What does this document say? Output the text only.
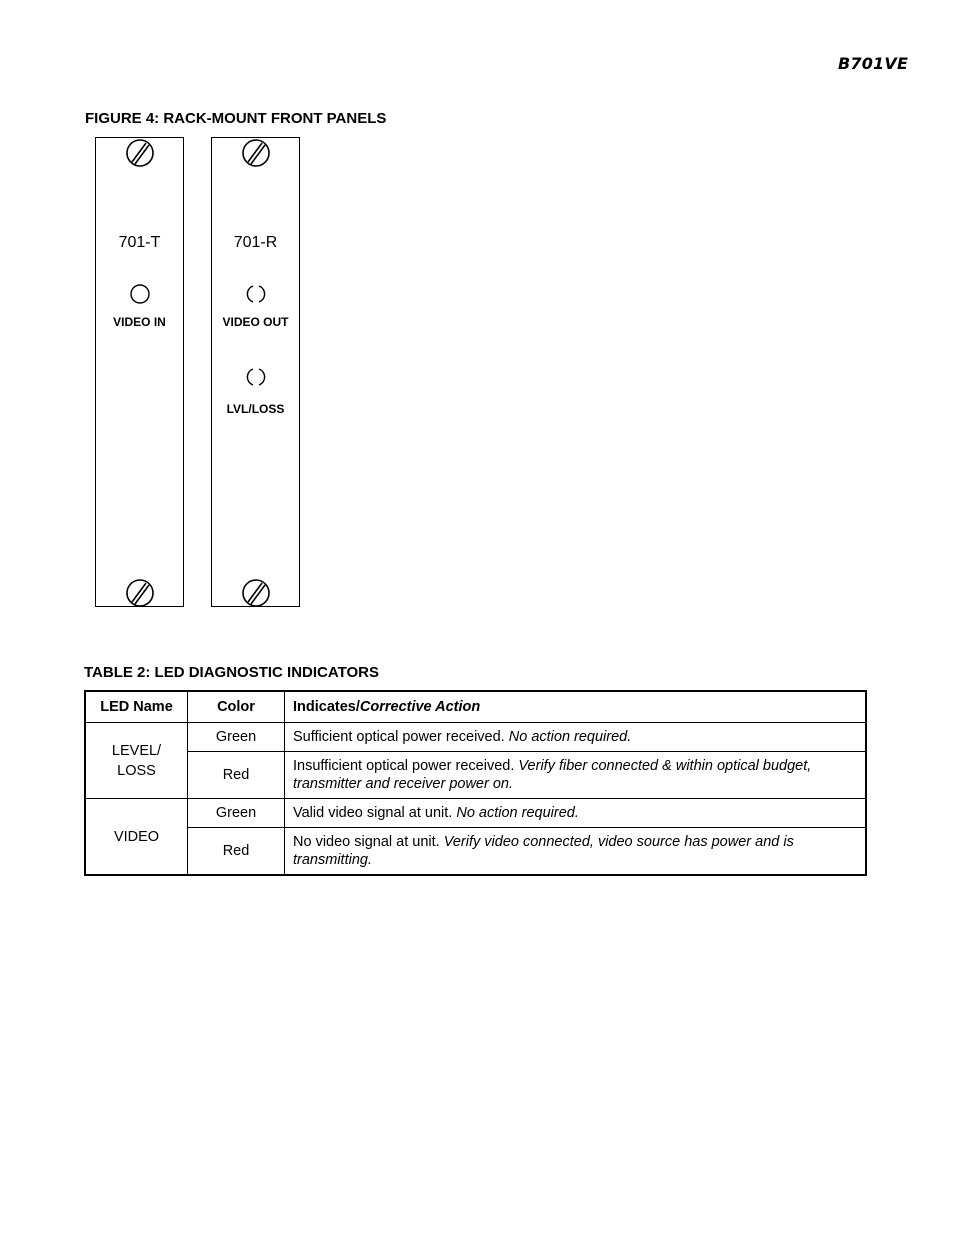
B701VE
FIGURE 4: RACK-MOUNT FRONT PANELS
701-T
VIDEO IN
701-R
VIDEO OUT
LVL/LOSS
TABLE 2: LED DIAGNOSTIC INDICATORS
LED Name	Color	Indicates/Corrective Action
LEVEL/
LOSS	Green	Sufficient optical power received. No action required.
	Red	Insufficient optical power received. Verify fiber connected & within optical budget, transmitter and receiver power on.
VIDEO	Green	Valid video signal at unit. No action required.
	Red	No video signal at unit. Verify video connected, video source has power and is transmitting.
